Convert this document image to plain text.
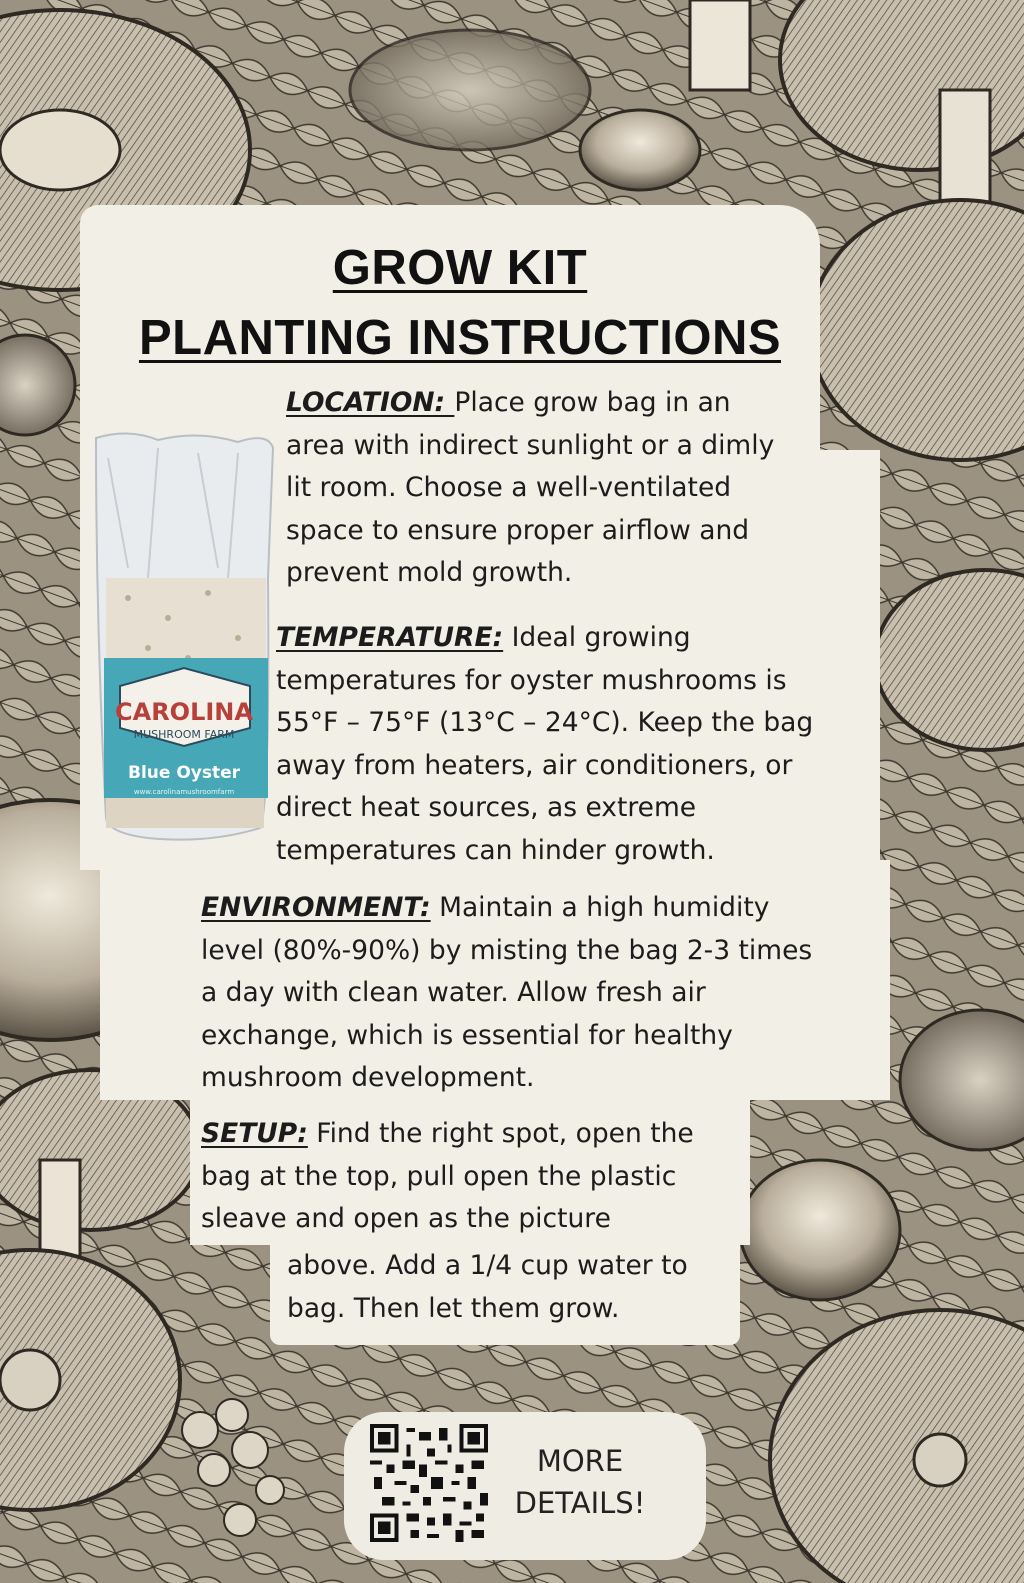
GROW KIT
PLANTING INSTRUCTIONS
CAROLINA
MUSHROOM FARM
Blue Oyster
www.carolinamushroomfarm
LOCATION: Place grow bag in an
area with indirect sunlight or a dimly
lit room. Choose a well-ventilated
space to ensure proper airflow and
prevent mold growth.
TEMPERATURE: Ideal growing
temperatures for oyster mushrooms is
55°F – 75°F (13°C – 24°C). Keep the bag
away from heaters, air conditioners, or
direct heat sources, as extreme
temperatures can hinder growth.
ENVIRONMENT: Maintain a high humidity
level (80%-90%) by misting the bag 2-3 times
a day with clean water. Allow fresh air
exchange, which is essential for healthy
mushroom development.
SETUP: Find the right spot, open the
bag at the top, pull open the plastic
sleave and open as the picture
above. Add a 1/4 cup water to
bag. Then let them grow.
MORE
DETAILS!
